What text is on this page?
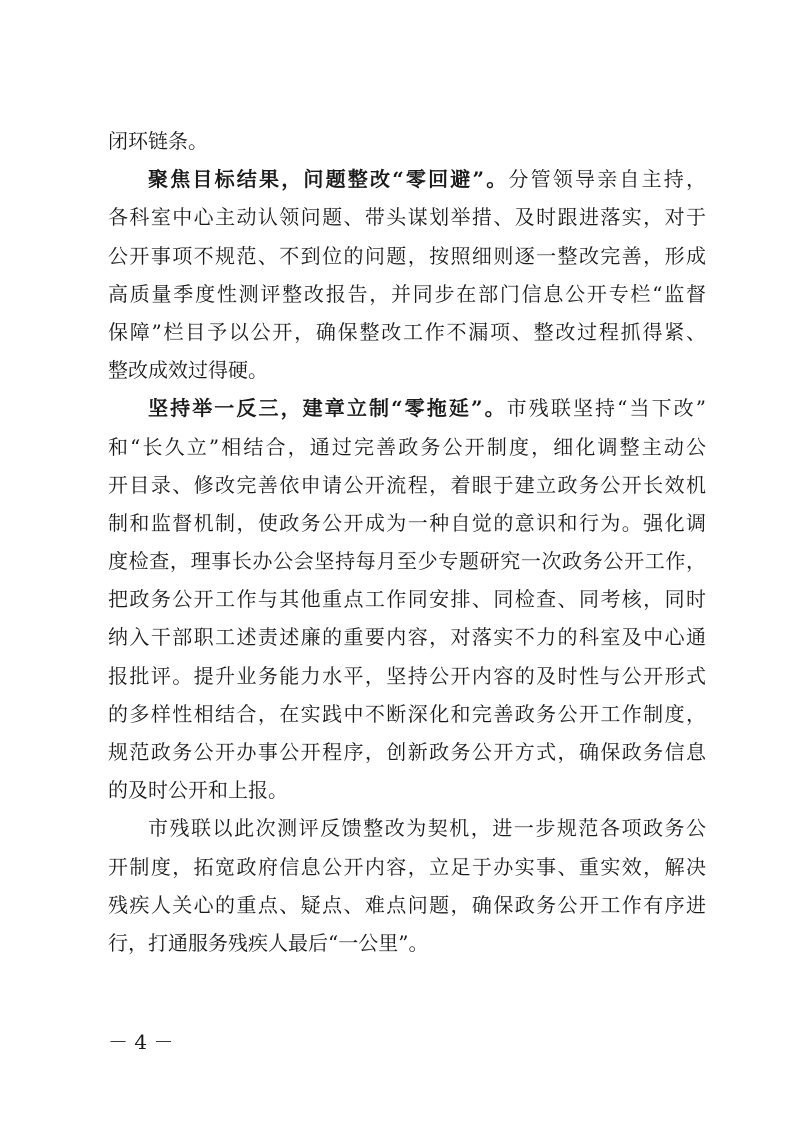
闭环链条。
聚焦目标结果，问题整改“零回避”。分管领导亲自主持，
各科室中心主动认领问题、带头谋划举措、及时跟进落实，对于
公开事项不规范、不到位的问题，按照细则逐一整改完善，形成
高质量季度性测评整改报告，并同步在部门信息公开专栏“监督
保障”栏目予以公开，确保整改工作不漏项、整改过程抓得紧、
整改成效过得硬。
坚持举一反三，建章立制“零拖延”。市残联坚持“当下改”
和“长久立”相结合，通过完善政务公开制度，细化调整主动公
开目录、修改完善依申请公开流程，着眼于建立政务公开长效机
制和监督机制，使政务公开成为一种自觉的意识和行为。强化调
度检查，理事长办公会坚持每月至少专题研究一次政务公开工作，
把政务公开工作与其他重点工作同安排、同检查、同考核，同时
纳入干部职工述责述廉的重要内容，对落实不力的科室及中心通
报批评。提升业务能力水平，坚持公开内容的及时性与公开形式
的多样性相结合，在实践中不断深化和完善政务公开工作制度，
规范政务公开办事公开程序，创新政务公开方式，确保政务信息
的及时公开和上报。
市残联以此次测评反馈整改为契机，进一步规范各项政务公
开制度，拓宽政府信息公开内容，立足于办实事、重实效，解决
残疾人关心的重点、疑点、难点问题，确保政务公开工作有序进
行，打通服务残疾人最后“一公里”。
－ 4 －
